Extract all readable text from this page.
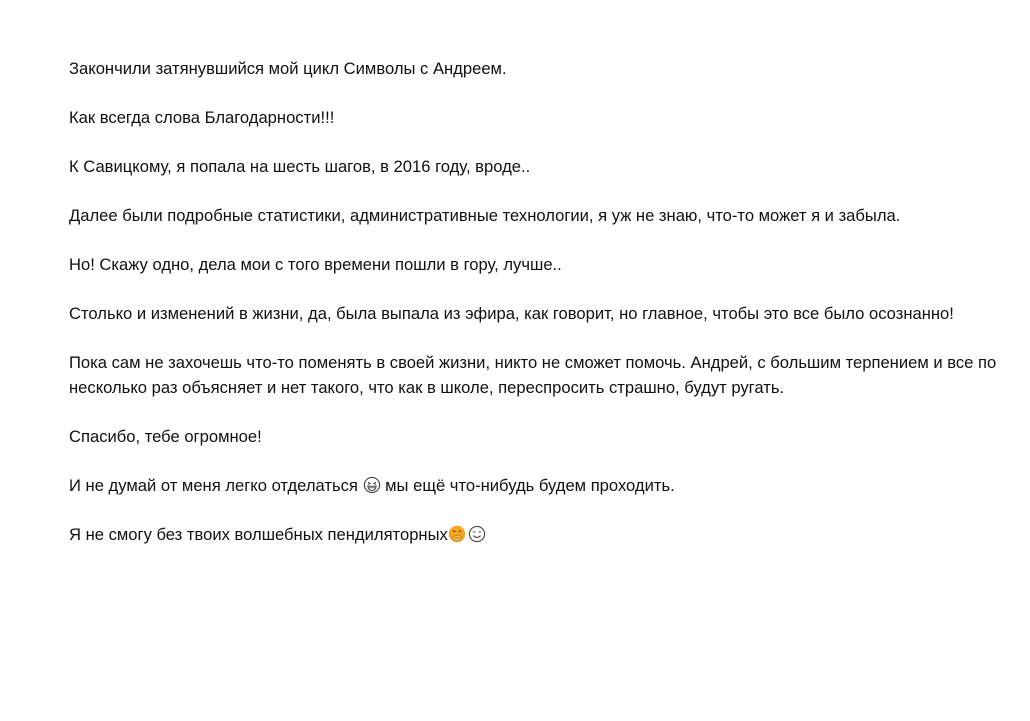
Закончили затянувшийся мой цикл Символы с Андреем.

Как всегда слова Благодарности!!!

К Савицкому, я попала на шесть шагов, в 2016 году, вроде..

Далее были подробные статистики, административные технологии, я уж не знаю, что-то может я и забыла.

Но! Скажу одно, дела мои с того времени пошли в гору, лучше..

Столько и изменений в жизни, да, была выпала из эфира, как говорит, но главное, чтобы это все было осознанно!

Пока сам не захочешь что-то поменять в своей жизни, никто не сможет помочь. Андрей, с большим терпением и все по несколько раз объясняет и нет такого, что как в школе, переспросить страшно, будут ругать.

Спасибо, тебе огромное!

И не думай от меня легко отделаться
мы ещё что-нибудь будем проходить.

Я не смогу без твоих волшебных пендиляторных
